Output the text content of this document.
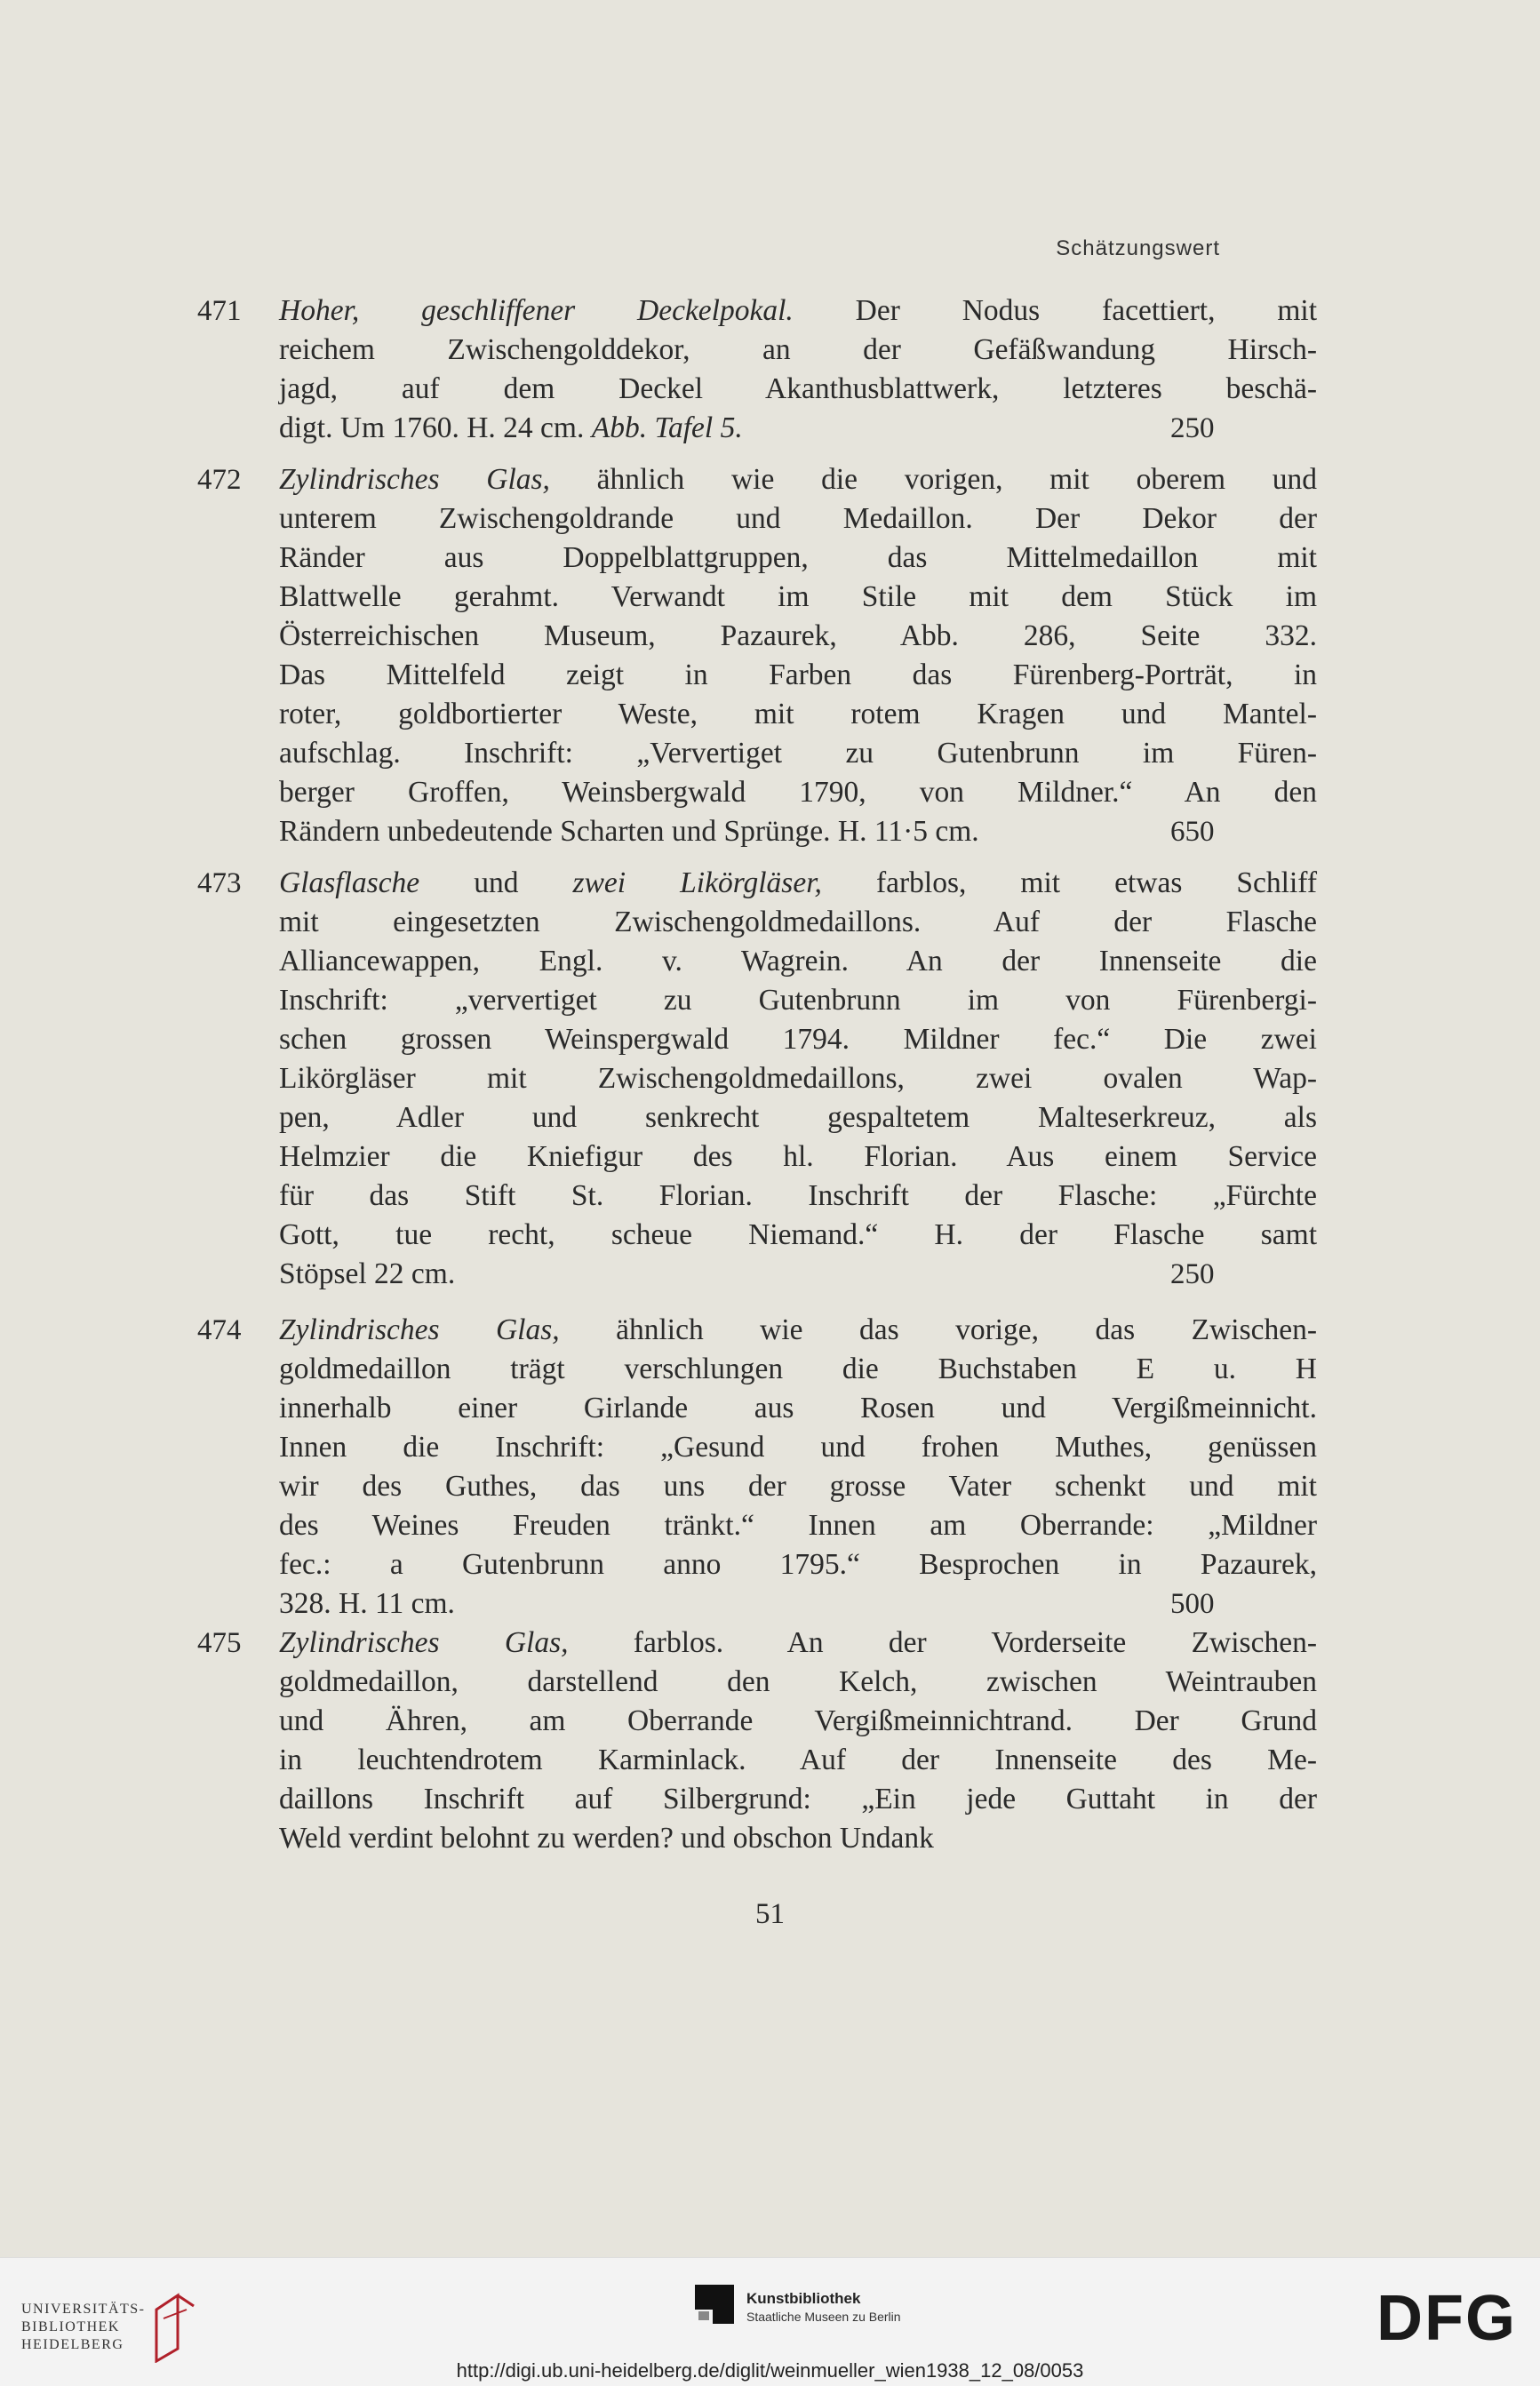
Schätzungswert
471 Hoher, geschliffener Deckelpokal. Der Nodus facettiert, mit
reichem Zwischengolddekor, an der Gefäßwandung Hirsch-
jagd, auf dem Deckel Akanthusblattwerk, letzteres beschä-
digt. Um 1760. H. 24 cm. Abb. Tafel 5.	250
472 Zylindrisches Glas, ähnlich wie die vorigen, mit oberem und
unterem Zwischengoldrande und Medaillon. Der Dekor der
Ränder aus Doppelblattgruppen, das Mittelmedaillon mit
Blattwelle gerahmt. Verwandt im Stile mit dem Stück im
Österreichischen Museum, Pazaurek, Abb. 286, Seite 332.
Das Mittelfeld zeigt in Farben das Fürenberg-Porträt, in
roter, goldbortierter Weste, mit rotem Kragen und Mantel-
aufschlag. Inschrift: „Ververtiget zu Gutenbrunn im Füren-
berger Groffen, Weinsbergwald 1790, von Mildner.“ An den
Rändern unbedeutende Scharten und Sprünge. H. 11·5 cm.	650
473 Glasflasche und zwei Likörgläser, farblos, mit etwas Schliff
mit eingesetzten Zwischengoldmedaillons. Auf der Flasche
Alliancewappen, Engl. v. Wagrein. An der Innenseite die
Inschrift: „ververtiget zu Gutenbrunn im von Fürenbergi-
schen grossen Weinspergwald 1794. Mildner fec.“ Die zwei
Likörgläser mit Zwischengoldmedaillons, zwei ovalen Wap-
pen, Adler und senkrecht gespaltetem Malteserkreuz, als
Helmzier die Kniefigur des hl. Florian. Aus einem Service
für das Stift St. Florian. Inschrift der Flasche: „Fürchte
Gott, tue recht, scheue Niemand.“ H. der Flasche samt
Stöpsel 22 cm.	250
474 Zylindrisches Glas, ähnlich wie das vorige, das Zwischen-
goldmedaillon trägt verschlungen die Buchstaben E u. H
innerhalb einer Girlande aus Rosen und Vergißmeinnicht.
Innen die Inschrift: „Gesund und frohen Muthes, genüssen
wir des Guthes, das uns der grosse Vater schenkt und mit
des Weines Freuden tränkt.“ Innen am Oberrande: „Mildner
fec.: a Gutenbrunn anno 1795.“ Besprochen in Pazaurek,
328. H. 11 cm.	500
475 Zylindrisches Glas, farblos. An der Vorderseite Zwischen-
goldmedaillon, darstellend den Kelch, zwischen Weintrauben
und Ähren, am Oberrande Vergißmeinnichtrand. Der Grund
in leuchtendrotem Karminlack. Auf der Innenseite des Me-
daillons Inschrift auf Silbergrund: „Ein jede Guttaht in der
Weld verdint belohnt zu werden? und obschon Undank
51
UNIVERSITÄTS-
BIBLIOTHEK
HEIDELBERG
Kunstbibliothek
Staatliche Museen zu Berlin	DFG
http://digi.ub.uni-heidelberg.de/diglit/weinmueller_wien1938_12_08/0053
